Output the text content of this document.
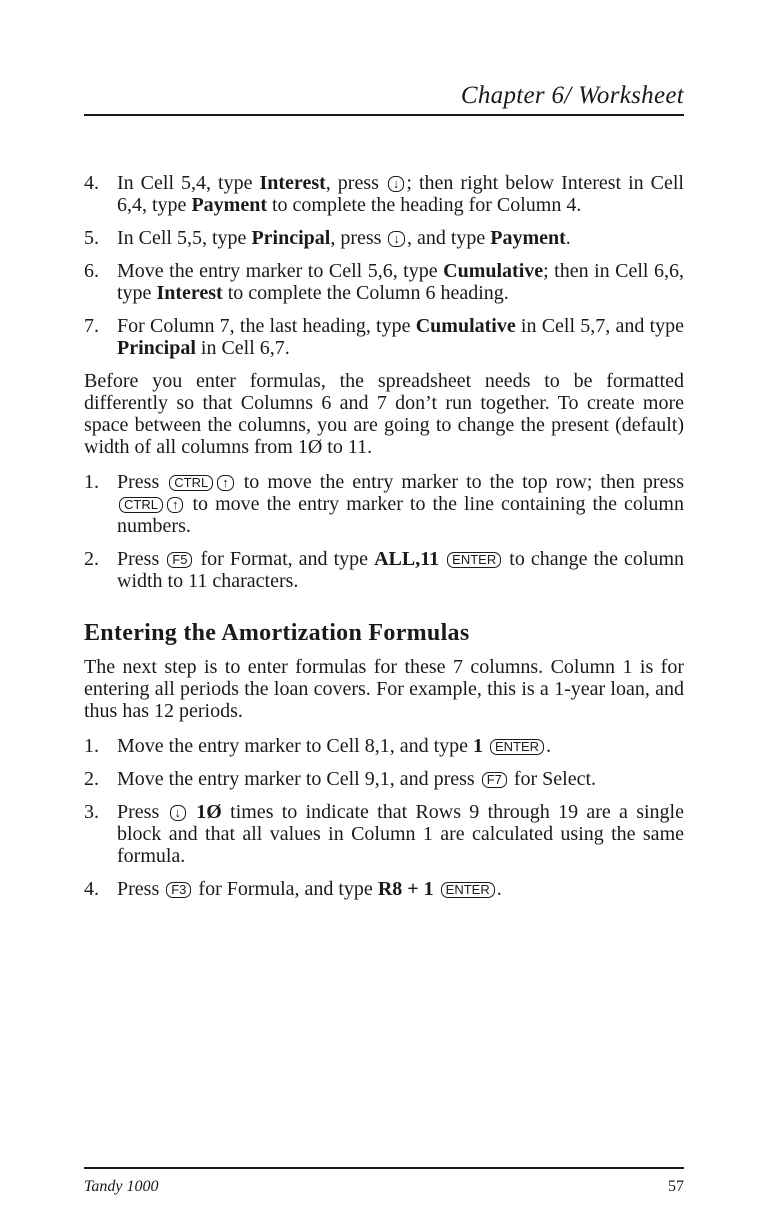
Chapter 6/ Worksheet
4. In Cell 5,4, type Interest, press ↓ ; then right below Interest in Cell 6,4, type Payment to complete the heading for Column 4.
5. In Cell 5,5, type Principal, press ↓ , and type Payment.
6. Move the entry marker to Cell 5,6, type Cumulative; then in Cell 6,6, type Interest to complete the Column 6 heading.
7. For Column 7, the last heading, type Cumulative in Cell 5,7, and type Principal in Cell 6,7.

Before you enter formulas, the spreadsheet needs to be formatted differently so that Columns 6 and 7 don’t run together. To create more space between the columns, you are going to change the present (default) width of all columns from 1Ø to 11.

1. Press CTRL ↑ to move the entry marker to the top row; then press CTRL ↑ to move the entry marker to the line containing the column numbers.
2. Press F5 for Format, and type ALL,11 ENTER to change the column width to 11 characters.
Entering the Amortization Formulas

The next step is to enter formulas for these 7 columns. Column 1 is for entering all periods the loan covers. For example, this is a 1-year loan, and thus has 12 periods.

1. Move the entry marker to Cell 8,1, and type 1 ENTER .
2. Move the entry marker to Cell 9,1, and press F7 for Select.
3. Press ↓ 1Ø times to indicate that Rows 9 through 19 are a single block and that all values in Column 1 are calculated using the same formula.
4. Press F3 for Formula, and type R8 + 1 ENTER .
Tandy 1000	57
